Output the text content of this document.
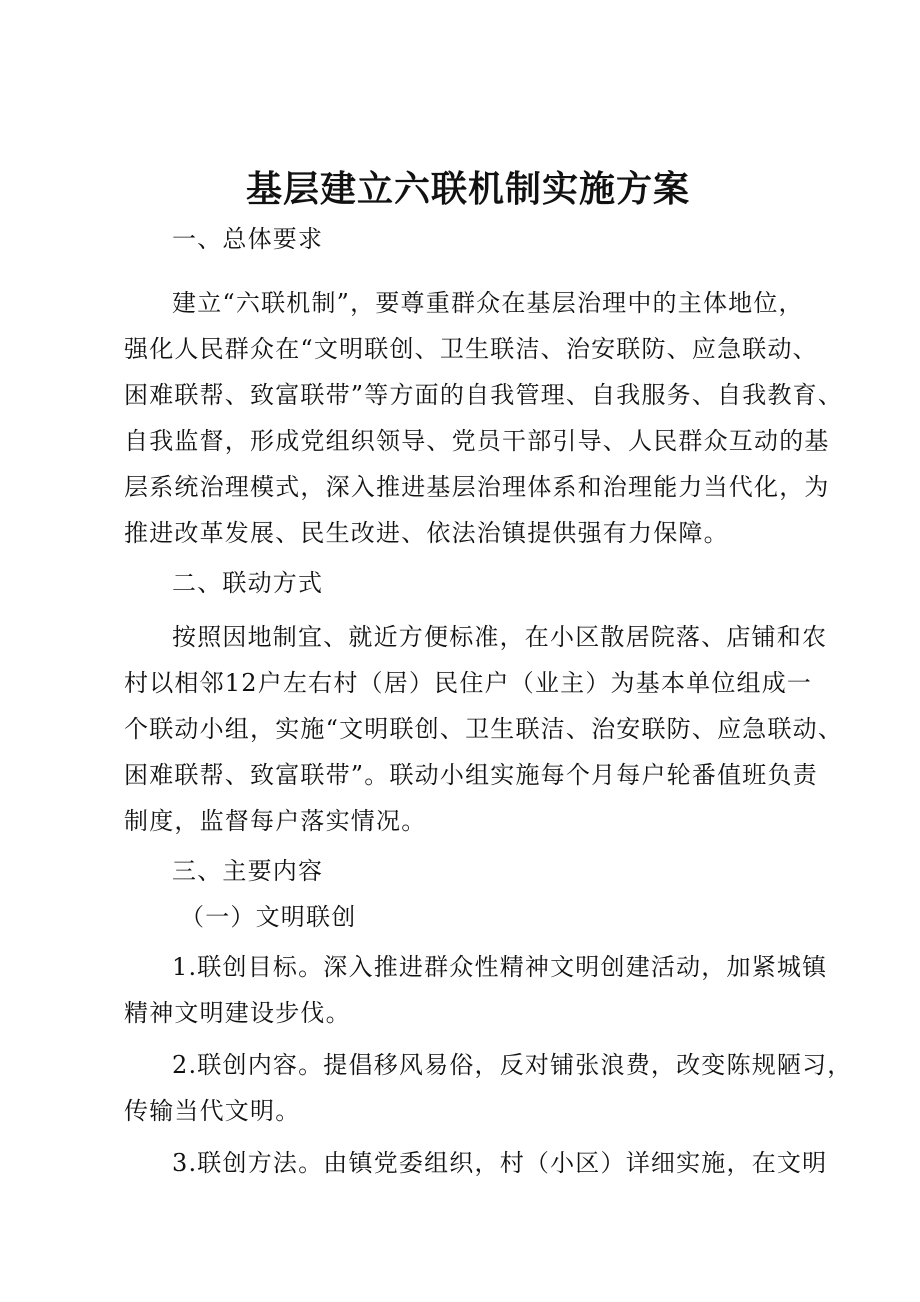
基层建立六联机制实施方案

一、总体要求

建立“六联机制”，要尊重群众在基层治理中的主体地位，

强化人民群众在“文明联创、卫生联洁、治安联防、应急联动、

困难联帮、致富联带”等方面的自我管理、自我服务、自我教育、

自我监督，形成党组织领导、党员干部引导、人民群众互动的基

层系统治理模式，深入推进基层治理体系和治理能力当代化，为

推进改革发展、民生改进、依法治镇提供强有力保障。

二、联动方式

按照因地制宜、就近方便标准，在小区散居院落、店铺和农

村以相邻12户左右村（居）民住户（业主）为基本单位组成一

个联动小组，实施“文明联创、卫生联洁、治安联防、应急联动、

困难联帮、致富联带”。联动小组实施每个月每户轮番值班负责

制度，监督每户落实情况。

三、主要内容

（一）文明联创

1.联创目标。深入推进群众性精神文明创建活动，加紧城镇

精神文明建设步伐。

2.联创内容。提倡移风易俗，反对铺张浪费，改变陈规陋习，

传输当代文明。

3.联创方法。由镇党委组织，村（小区）详细实施，在文明
